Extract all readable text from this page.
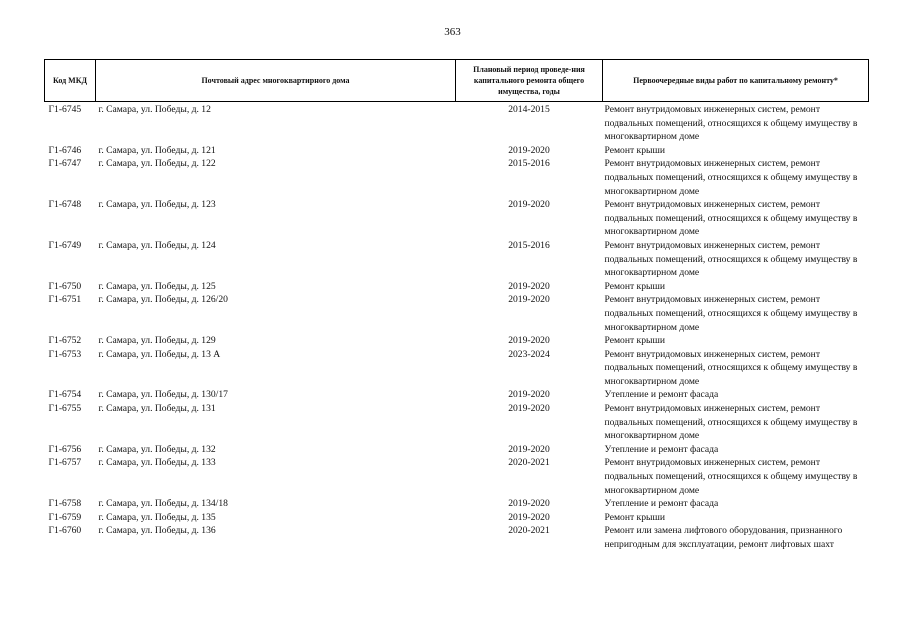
363
Код МКД	Почтовый адрес многоквартирного дома	Плановый период проведе-ния капитального ремонта общего имущества, годы	Первоочередные виды работ по капитальному ремонту*

Г1-6745	г. Самара, ул. Победы, д. 12	2014-2015	Ремонт внутридомовых инженерных систем, ремонт подвальных помещений, относящихся к общему имуществу в многоквартирном доме
Г1-6746	г. Самара, ул. Победы, д. 121	2019-2020	Ремонт крыши
Г1-6747	г. Самара, ул. Победы, д. 122	2015-2016	Ремонт внутридомовых инженерных систем, ремонт подвальных помещений, относящихся к общему имуществу в многоквартирном доме
Г1-6748	г. Самара, ул. Победы, д. 123	2019-2020	Ремонт внутридомовых инженерных систем, ремонт подвальных помещений, относящихся к общему имуществу в многоквартирном доме
Г1-6749	г. Самара, ул. Победы, д. 124	2015-2016	Ремонт внутридомовых инженерных систем, ремонт подвальных помещений, относящихся к общему имуществу в многоквартирном доме
Г1-6750	г. Самара, ул. Победы, д. 125	2019-2020	Ремонт крыши
Г1-6751	г. Самара, ул. Победы, д. 126/20	2019-2020	Ремонт внутридомовых инженерных систем, ремонт подвальных помещений, относящихся к общему имуществу в многоквартирном доме
Г1-6752	г. Самара, ул. Победы, д. 129	2019-2020	Ремонт крыши
Г1-6753	г. Самара, ул. Победы, д. 13 А	2023-2024	Ремонт внутридомовых инженерных систем, ремонт подвальных помещений, относящихся к общему имуществу в многоквартирном доме
Г1-6754	г. Самара, ул. Победы, д. 130/17	2019-2020	Утепление и ремонт фасада
Г1-6755	г. Самара, ул. Победы, д. 131	2019-2020	Ремонт внутридомовых инженерных систем, ремонт подвальных помещений, относящихся к общему имуществу в многоквартирном доме
Г1-6756	г. Самара, ул. Победы, д. 132	2019-2020	Утепление и ремонт фасада
Г1-6757	г. Самара, ул. Победы, д. 133	2020-2021	Ремонт внутридомовых инженерных систем, ремонт подвальных помещений, относящихся к общему имуществу в многоквартирном доме
Г1-6758	г. Самара, ул. Победы, д. 134/18	2019-2020	Утепление и ремонт фасада
Г1-6759	г. Самара, ул. Победы, д. 135	2019-2020	Ремонт крыши
Г1-6760	г. Самара, ул. Победы, д. 136	2020-2021	Ремонт или замена лифтового оборудования, признанного непригодным для эксплуатации, ремонт лифтовых шахт
